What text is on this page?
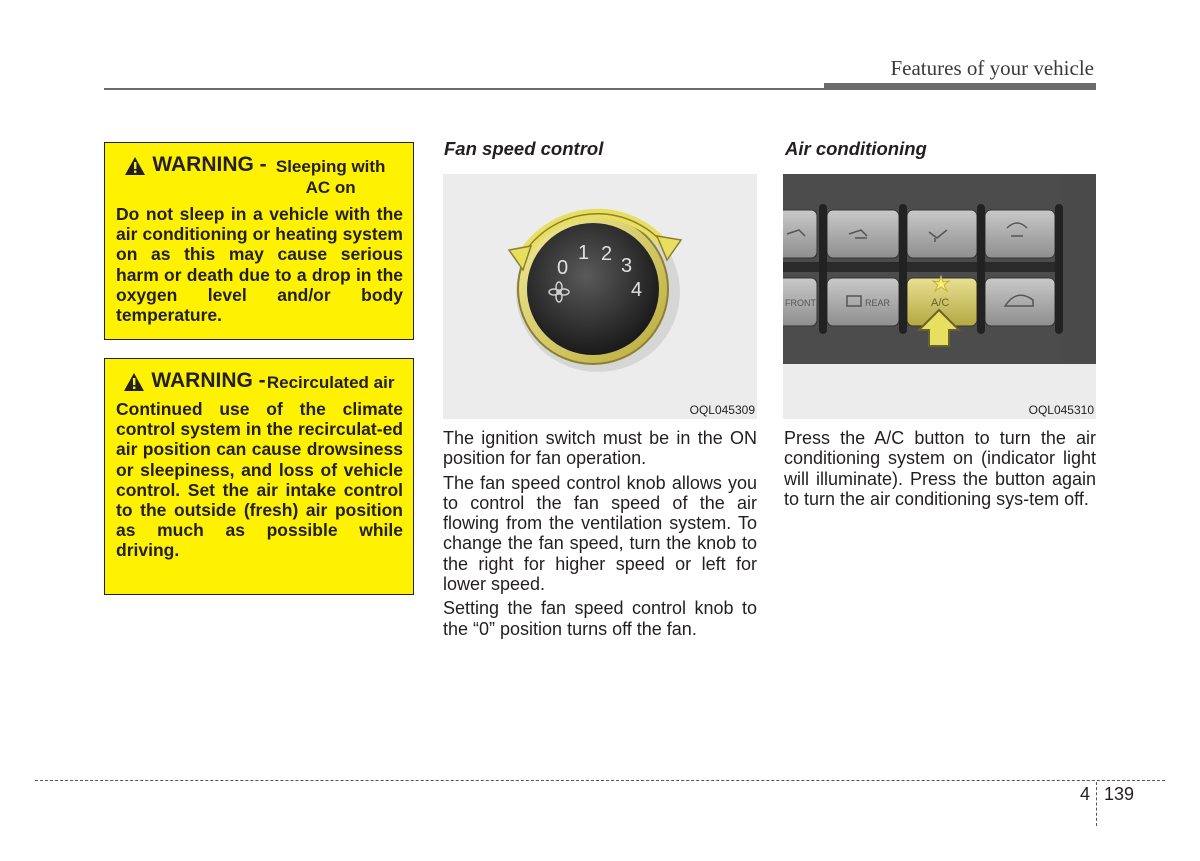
Features of your vehicle
WARNING - Sleeping with AC on

Do not sleep in a vehicle with the air conditioning or heating system on as this may cause serious harm or death due to a drop in the oxygen level and/or body temperature.

WARNING - Recirculated air

Continued use of the climate control system in the recirculat-ed air position can cause drowsiness or sleepiness, and loss of vehicle control. Set the air intake control to the outside (fresh) air position as much as possible while driving.

Fan speed control
0
1 2
3
4
OQL045309

The ignition switch must be in the ON position for fan operation.

The fan speed control knob allows you to control the fan speed of the air flowing from the ventilation system. To change the fan speed, turn the knob to the right for higher speed or left for lower speed.

Setting the fan speed control knob to the “0” position turns off the fan.

Air conditioning
FRONT	REAR	A/C
OQL045310

Press the A/C button to turn the air conditioning system on (indicator light will illuminate). Press the button again to turn the air conditioning sys-tem off.

4 139
